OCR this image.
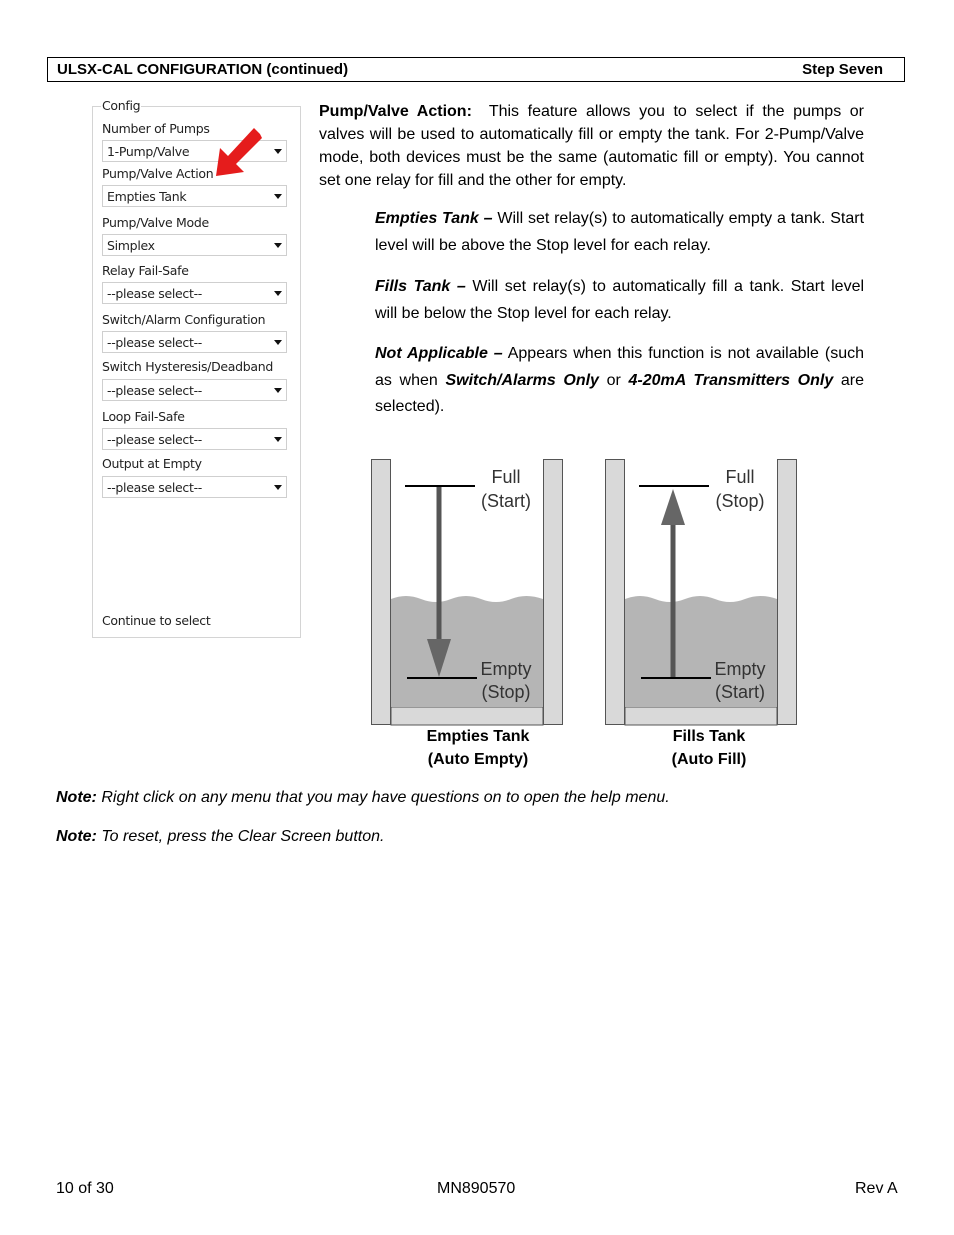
ULSX-CAL CONFIGURATION (continued)	Step Seven
Config
Number of Pumps
1-Pump/Valve
Pump/Valve Action
Empties Tank
Pump/Valve Mode
Simplex
Relay Fail-Safe
--please select--
Switch/Alarm Configuration
--please select--
Switch Hysteresis/Deadband
--please select--
Loop Fail-Safe
--please select--
Output at Empty
--please select--
Continue to select
Pump/Valve Action: This feature allows you to select if the pumps or valves will be used to automatically fill or empty the tank. For 2-Pump/Valve mode, both devices must be the same (automatic fill or empty). You cannot set one relay for fill and the other for empty.
Empties Tank – Will set relay(s) to automatically empty a tank. Start level will be above the Stop level for each relay.
Fills Tank – Will set relay(s) to automatically fill a tank. Start level will be below the Stop level for each relay.
Not Applicable – Appears when this function is not available (such as when Switch/Alarms Only or 4-20mA Transmitters Only are selected).
Full
(Start)
Empty
(Stop)
Full
(Stop)
Empty
(Start)
Empties Tank
(Auto Empty)
Fills Tank
(Auto Fill)
Note: Right click on any menu that you may have questions on to open the help menu.
Note: To reset, press the Clear Screen button.
10 of 30	MN890570	Rev A
